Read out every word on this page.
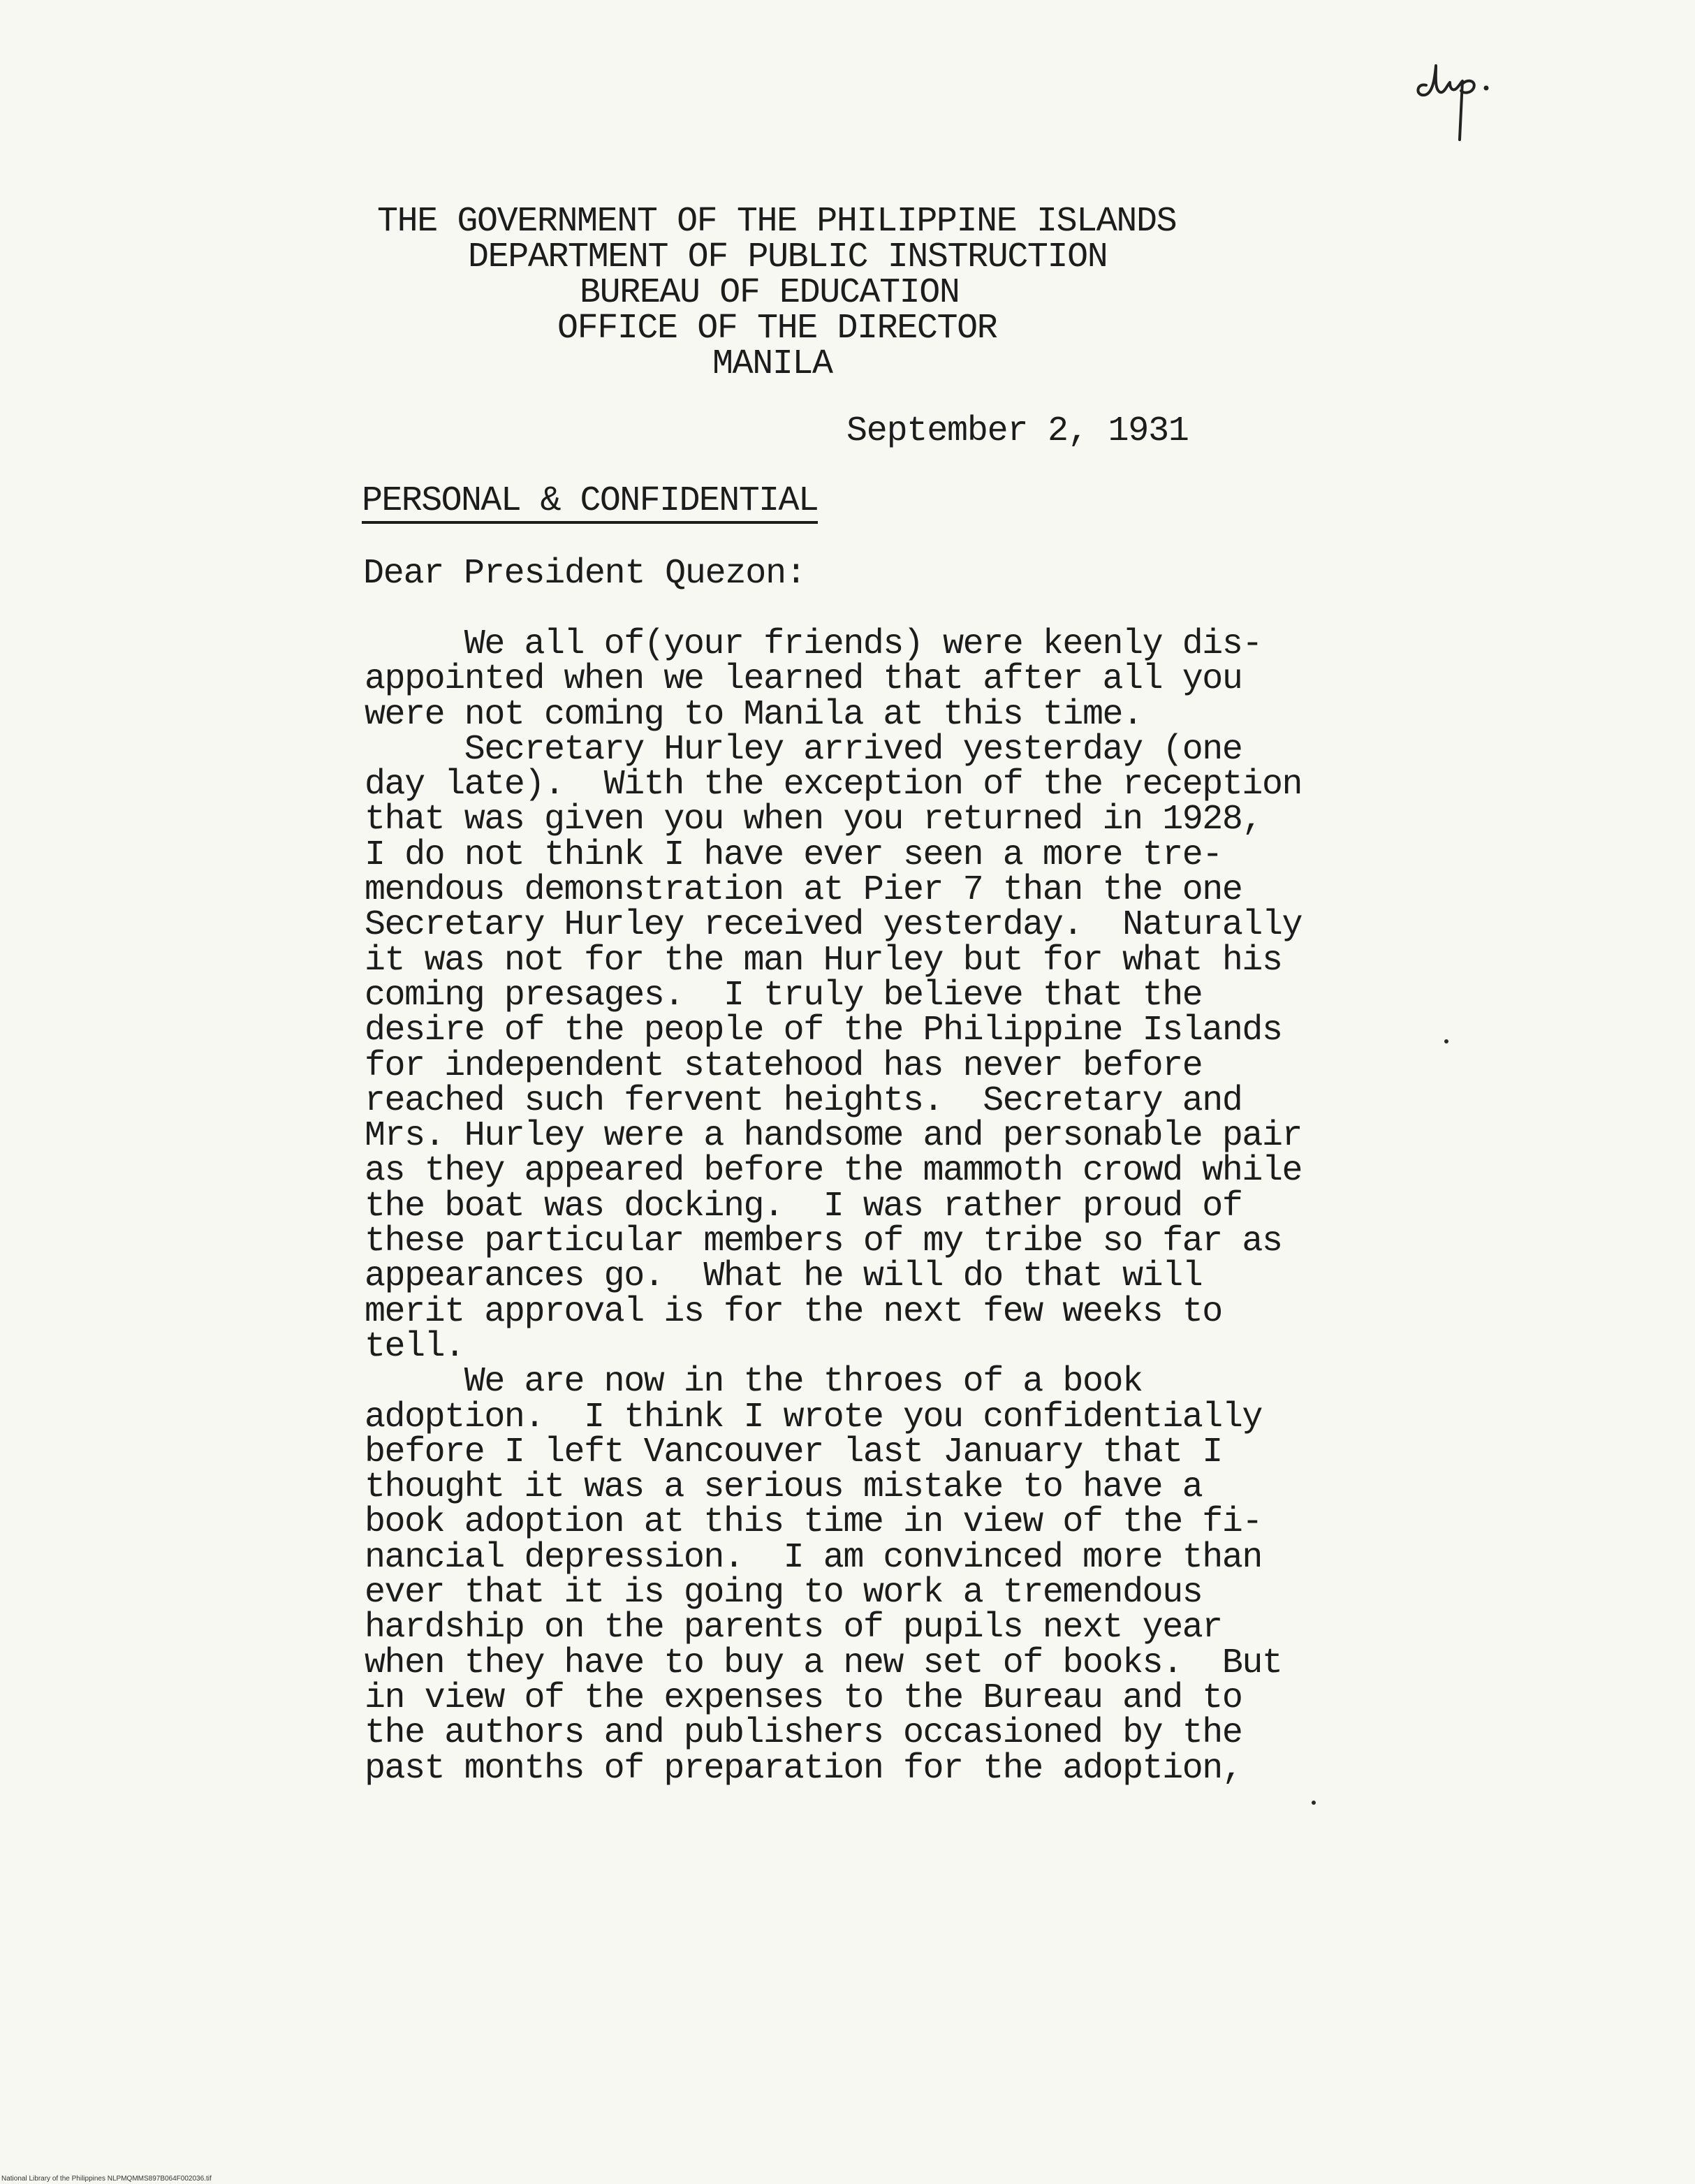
THE GOVERNMENT OF THE PHILIPPINE ISLANDS
DEPARTMENT OF PUBLIC INSTRUCTION
BUREAU OF EDUCATION
OFFICE OF THE DIRECTOR
MANILA
September 2, 1931
PERSONAL & CONFIDENTIAL
Dear President Quezon:
We all of(your friends) were keenly dis-
appointed when we learned that after all you
were not coming to Manila at this time.
Secretary Hurley arrived yesterday (one
day late).  With the exception of the reception
that was given you when you returned in 1928,
I do not think I have ever seen a more tre-
mendous demonstration at Pier 7 than the one
Secretary Hurley received yesterday.  Naturally
it was not for the man Hurley but for what his
coming presages.  I truly believe that the
desire of the people of the Philippine Islands
for independent statehood has never before
reached such fervent heights.  Secretary and
Mrs. Hurley were a handsome and personable pair
as they appeared before the mammoth crowd while
the boat was docking.  I was rather proud of
these particular members of my tribe so far as
appearances go.  What he will do that will
merit approval is for the next few weeks to
tell.
We are now in the throes of a book
adoption.  I think I wrote you confidentially
before I left Vancouver last January that I
thought it was a serious mistake to have a
book adoption at this time in view of the fi-
nancial depression.  I am convinced more than
ever that it is going to work a tremendous
hardship on the parents of pupils next year
when they have to buy a new set of books.  But
in view of the expenses to the Bureau and to
the authors and publishers occasioned by the
past months of preparation for the adoption,
National Library of the Philippines NLPMQMMS897B064F002036.tif
